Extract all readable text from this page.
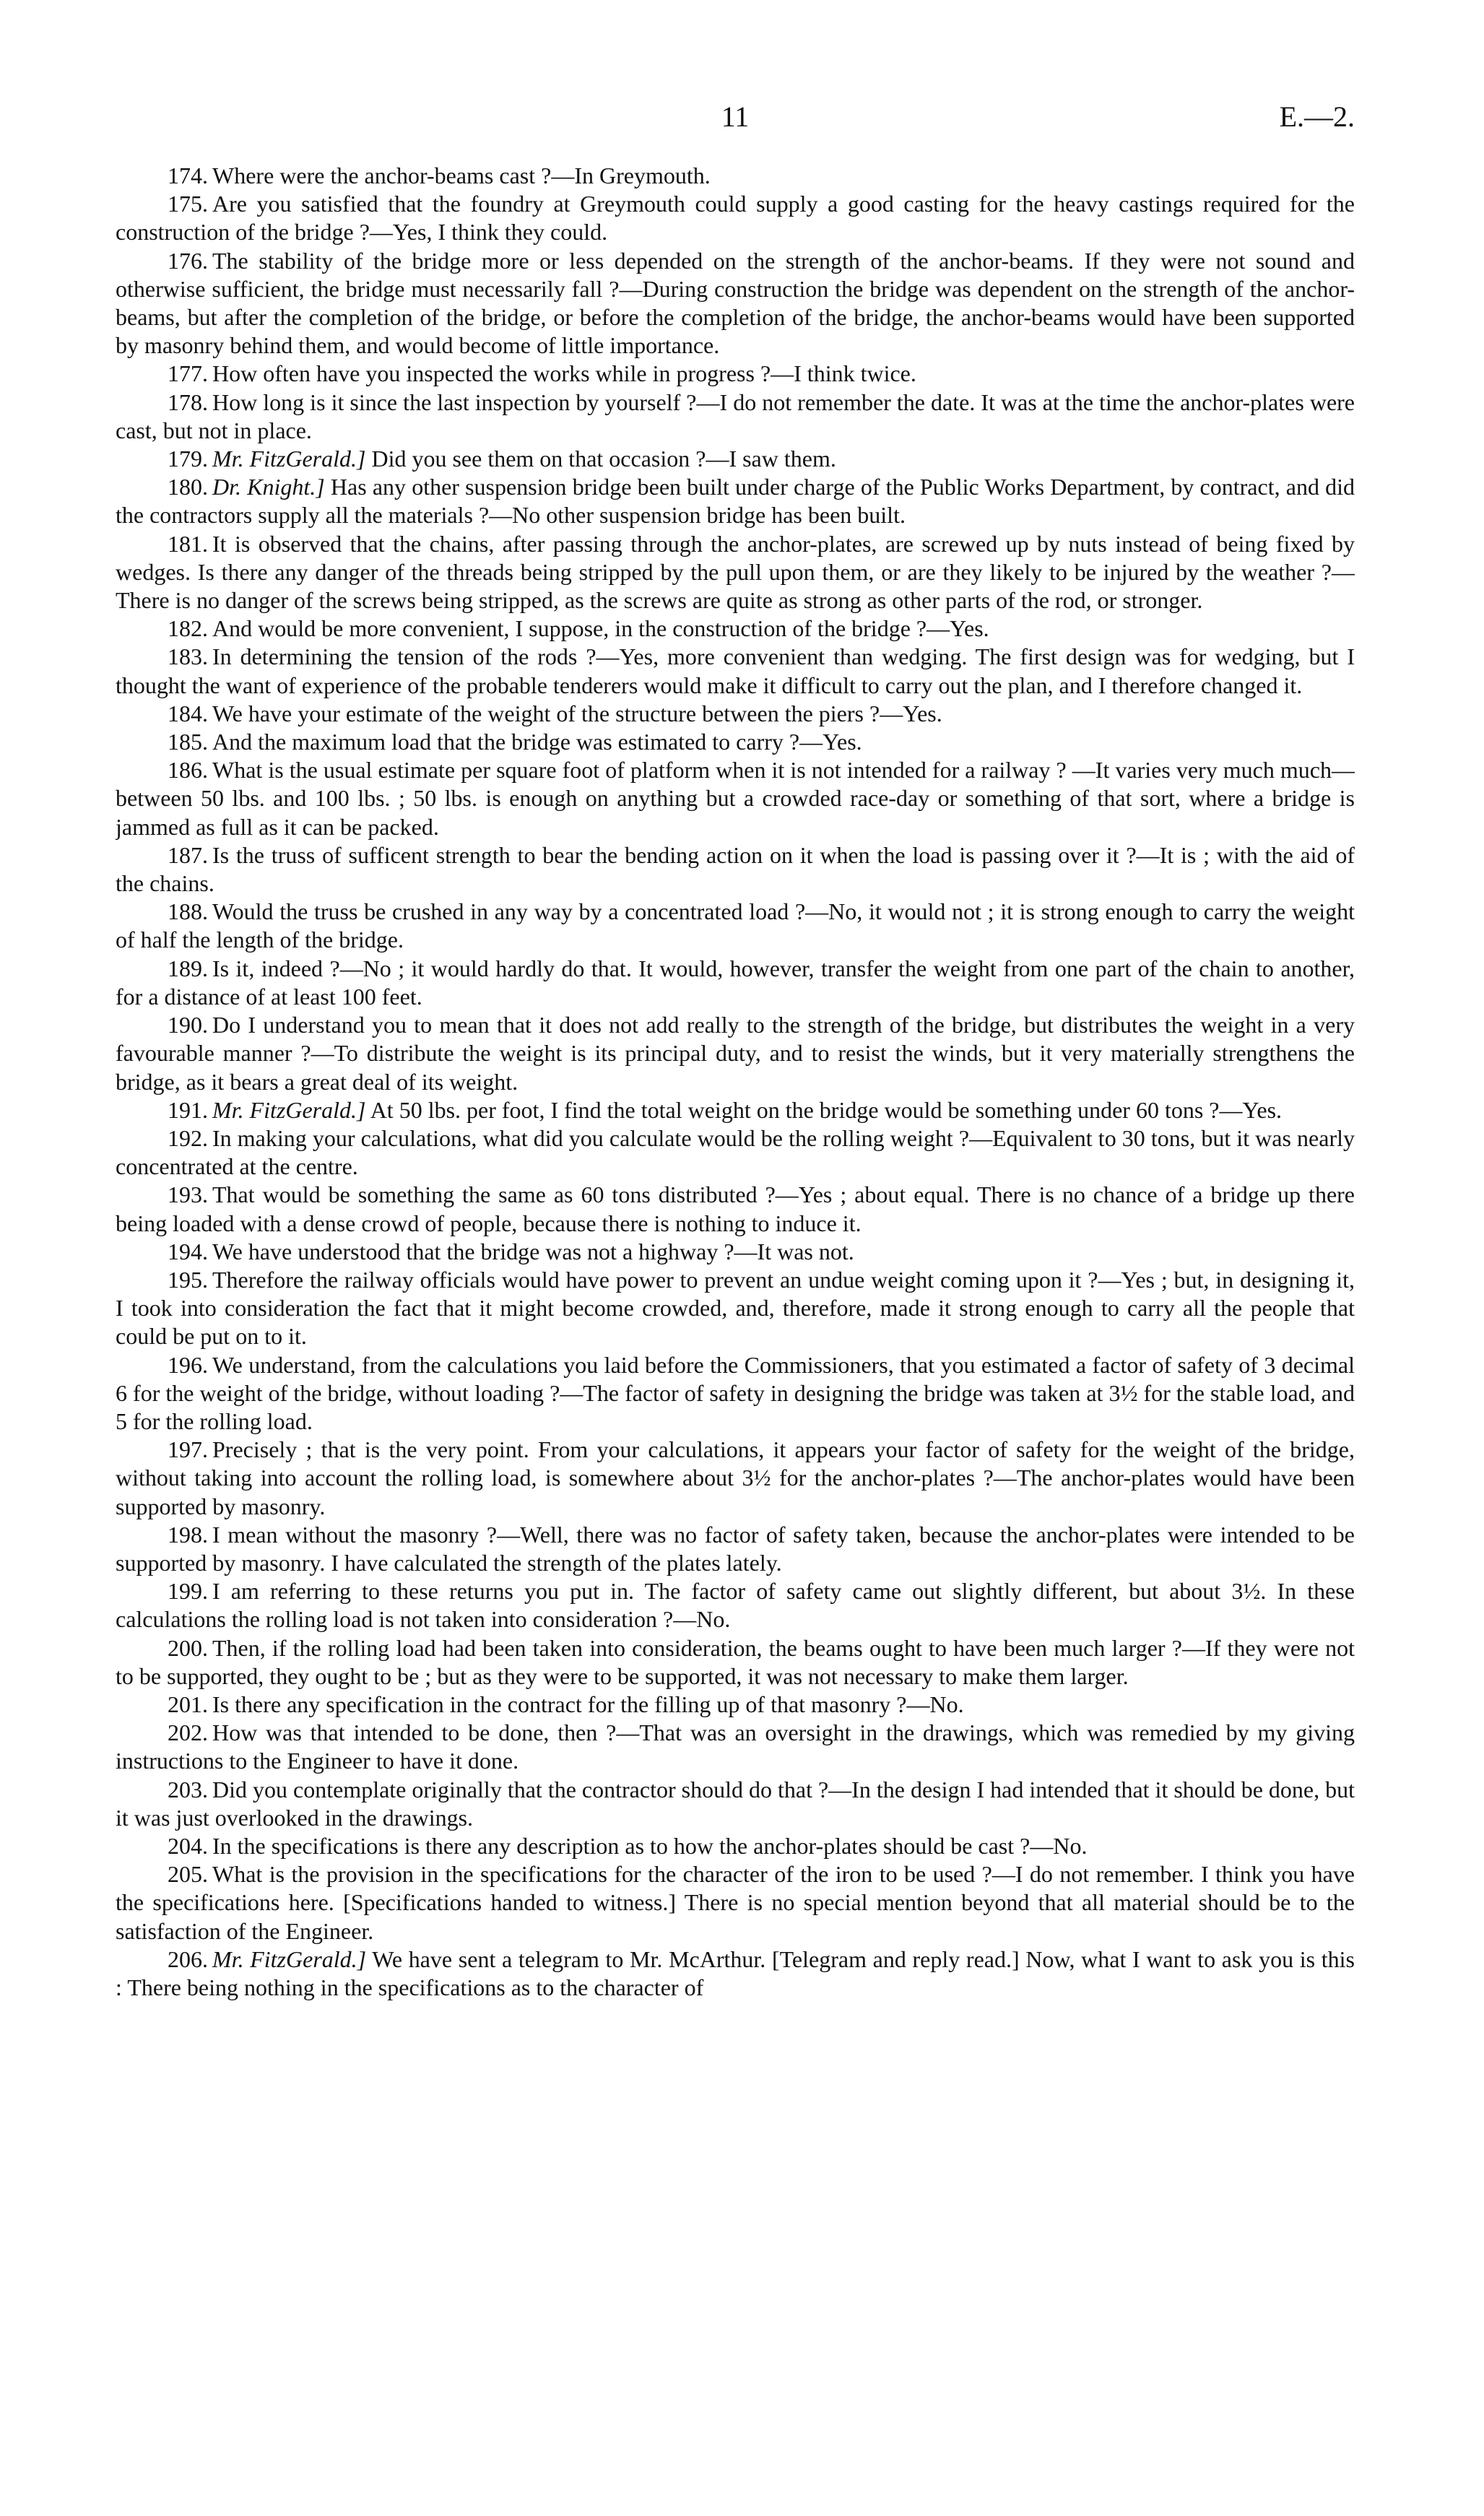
11	E.—2.

174. Where were the anchor-beams cast ?—In Greymouth.

175. Are you satisfied that the foundry at Greymouth could supply a good casting for the heavy castings required for the construction of the bridge ?—Yes, I think they could.

176. The stability of the bridge more or less depended on the strength of the anchor-beams. If they were not sound and otherwise sufficient, the bridge must necessarily fall ?—During construction the bridge was dependent on the strength of the anchor-beams, but after the completion of the bridge, or before the completion of the bridge, the anchor-beams would have been supported by masonry behind them, and would become of little importance.

177. How often have you inspected the works while in progress ?—I think twice.

178. How long is it since the last inspection by yourself ?—I do not remember the date. It was at the time the anchor-plates were cast, but not in place.

179. Mr. FitzGerald.] Did you see them on that occasion ?—I saw them.

180. Dr. Knight.] Has any other suspension bridge been built under charge of the Public Works Department, by contract, and did the contractors supply all the materials ?—No other suspension bridge has been built.

181. It is observed that the chains, after passing through the anchor-plates, are screwed up by nuts instead of being fixed by wedges. Is there any danger of the threads being stripped by the pull upon them, or are they likely to be injured by the weather ?—There is no danger of the screws being stripped, as the screws are quite as strong as other parts of the rod, or stronger.

182. And would be more convenient, I suppose, in the construction of the bridge ?—Yes.

183. In determining the tension of the rods ?—Yes, more convenient than wedging. The first design was for wedging, but I thought the want of experience of the probable tenderers would make it difficult to carry out the plan, and I therefore changed it.

184. We have your estimate of the weight of the structure between the piers ?—Yes.

185. And the maximum load that the bridge was estimated to carry ?—Yes.

186. What is the usual estimate per square foot of platform when it is not intended for a railway ? —It varies very much much—between 50 lbs. and 100 lbs. ; 50 lbs. is enough on anything but a crowded race-day or something of that sort, where a bridge is jammed as full as it can be packed.

187. Is the truss of sufficent strength to bear the bending action on it when the load is passing over it ?—It is ; with the aid of the chains.

188. Would the truss be crushed in any way by a concentrated load ?—No, it would not ; it is strong enough to carry the weight of half the length of the bridge.

189. Is it, indeed ?—No ; it would hardly do that. It would, however, transfer the weight from one part of the chain to another, for a distance of at least 100 feet.

190. Do I understand you to mean that it does not add really to the strength of the bridge, but distributes the weight in a very favourable manner ?—To distribute the weight is its principal duty, and to resist the winds, but it very materially strengthens the bridge, as it bears a great deal of its weight.

191. Mr. FitzGerald.] At 50 lbs. per foot, I find the total weight on the bridge would be something under 60 tons ?—Yes.

192. In making your calculations, what did you calculate would be the rolling weight ?—Equivalent to 30 tons, but it was nearly concentrated at the centre.

193. That would be something the same as 60 tons distributed ?—Yes ; about equal. There is no chance of a bridge up there being loaded with a dense crowd of people, because there is nothing to induce it.

194. We have understood that the bridge was not a highway ?—It was not.

195. Therefore the railway officials would have power to prevent an undue weight coming upon it ?—Yes ; but, in designing it, I took into consideration the fact that it might become crowded, and, therefore, made it strong enough to carry all the people that could be put on to it.

196. We understand, from the calculations you laid before the Commissioners, that you estimated a factor of safety of 3 decimal 6 for the weight of the bridge, without loading ?—The factor of safety in designing the bridge was taken at 3½ for the stable load, and 5 for the rolling load.

197. Precisely ; that is the very point. From your calculations, it appears your factor of safety for the weight of the bridge, without taking into account the rolling load, is somewhere about 3½ for the anchor-plates ?—The anchor-plates would have been supported by masonry.

198. I mean without the masonry ?—Well, there was no factor of safety taken, because the anchor-plates were intended to be supported by masonry. I have calculated the strength of the plates lately.

199. I am referring to these returns you put in. The factor of safety came out slightly different, but about 3½. In these calculations the rolling load is not taken into consideration ?—No.

200. Then, if the rolling load had been taken into consideration, the beams ought to have been much larger ?—If they were not to be supported, they ought to be ; but as they were to be supported, it was not necessary to make them larger.

201. Is there any specification in the contract for the filling up of that masonry ?—No.

202. How was that intended to be done, then ?—That was an oversight in the drawings, which was remedied by my giving instructions to the Engineer to have it done.

203. Did you contemplate originally that the contractor should do that ?—In the design I had intended that it should be done, but it was just overlooked in the drawings.

204. In the specifications is there any description as to how the anchor-plates should be cast ?—No.

205. What is the provision in the specifications for the character of the iron to be used ?—I do not remember. I think you have the specifications here. [Specifications handed to witness.] There is no special mention beyond that all material should be to the satisfaction of the Engineer.

206. Mr. FitzGerald.] We have sent a telegram to Mr. McArthur. [Telegram and reply read.] Now, what I want to ask you is this : There being nothing in the specifications as to the character of
